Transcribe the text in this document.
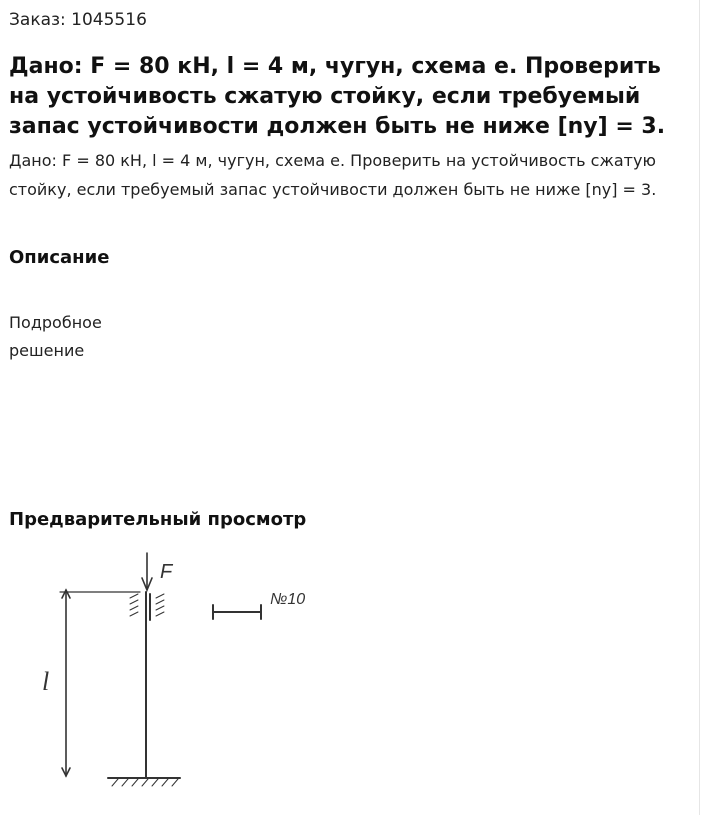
Заказ: 1045516
Дано: F = 80 кН, l = 4 м, чугун, схема е. Проверить на устойчивость сжатую стойку, если требуемый запас устойчивости должен быть не ниже [ny] = 3.
Дано: F = 80 кН, l = 4 м, чугун, схема е. Проверить на устойчивость сжатую стойку, если требуемый запас устойчивости должен быть не ниже [ny] = 3.
Описание
Подробное решение
Предварительный просмотр
F
l
№10
